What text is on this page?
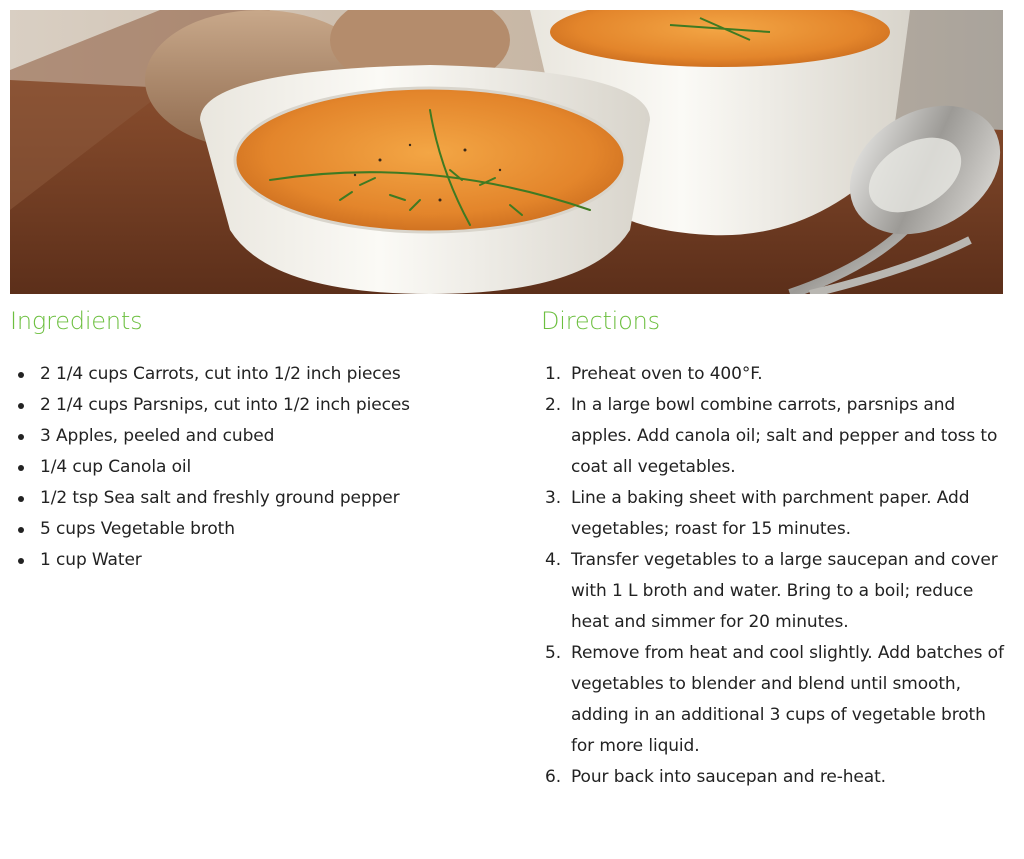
Ingredients
2 1/4 cups Carrots, cut into 1/2 inch pieces
2 1/4 cups Parsnips, cut into 1/2 inch pieces
3 Apples, peeled and cubed
1/4 cup Canola oil
1/2 tsp Sea salt and freshly ground pepper
5 cups Vegetable broth
1 cup Water
Directions
1. Preheat oven to 400°F.
2. In a large bowl combine carrots, parsnips and apples. Add canola oil; salt and pepper and toss to coat all vegetables.
3. Line a baking sheet with parchment paper. Add vegetables; roast for 15 minutes.
4. Transfer vegetables to a large saucepan and cover with 1 L broth and water. Bring to a boil; reduce heat and simmer for 20 minutes.
5. Remove from heat and cool slightly. Add batches of vegetables to blender and blend until smooth, adding in an additional 3 cups of vegetable broth for more liquid.
6. Pour back into saucepan and re-heat.
